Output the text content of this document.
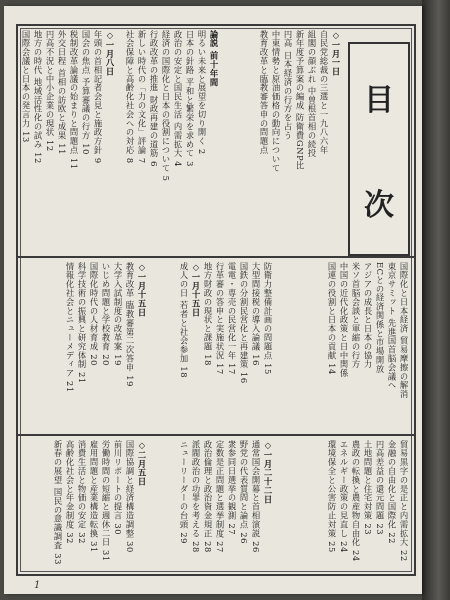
目
次
◇一月一日
自民党総裁の三選と一九八六年
組閣の顔ぶれ 中曽根首相の続投
新年度予算案の編成 防衛費GNP比
円高 日本経済の行方を占う
中東情勢と原油価格の動向について
教育改革と臨教審答申の問題点
論説 前十年間
明るい未来と展望を切り開く 2
日本の針路 平和と繁栄を求めて 3
政治の安定と国民生活 内需拡大 4
経済の国際化と日本の役割について 5
行政改革の推進 財政再建の道筋 6
新しい時代の「力の文化」評論 7
社会保障と高齢化社会への対応 8
◇一月八日
年頭の首相記者会見と施政方針 9
国会の焦点 予算審議の行方 10
税制改革論議の始まりと問題点 11
外交日程 首相の訪欧と成果 11
円高不況と中小企業の現状 12
地方の時代 地域活性化の試み 12
国際会議と日本の発言力 13
国際化と日本経済 貿易摩擦の解消
東京サミット 先進国首脳会議へ
ECとの経済関係と市場開放
アジアの成長と日本の協力
米ソ首脳会談と軍縮の行方
中国の近代化政策と日中関係
国連の役割と日本の貢献 14
防衛力整備計画の問題点 15
大型間接税の導入論議 16
国鉄の分割民営化と再建策 16
電電・専売の民営化一年 17
行革審の答申と実施状況 17
地方財政の現状と課題 18
◇一月十五日
成人の日 若者と社会参加 18
◇一月十五日
教育改革 臨教審第二次答申 19
大学入試制度の改革案 19
いじめ問題と学校教育 20
国際化時代の人材育成 20
科学技術の振興と研究体制 21
情報化社会とニューメディア 21
貿易黒字の是正と内需拡大 22
金融の自由化と国際化 22
円高差益の還元問題 23
土地問題と住宅対策 23
農政の転換と農産物自由化 24
エネルギー政策の見直し 24
環境保全と公害防止対策 25
◇一月二十二日
通常国会開幕と首相演説 26
野党の代表質問と論点 26
衆参同日選挙の観測 27
定数是正問題と選挙制度 27
政治倫理と政治資金規正 28
派閥政治の功罪を考える 28
ニューリーダーの台頭 29
◇二月五日
国際協調と経済構造調整 30
前川リポートの提言 30
労働時間の短縮と週休二日 31
雇用問題と産業構造転換 31
消費生活と物価の安定 32
高齢化社会と年金制度 32
新春の展望 国民の意識調査 33
1
